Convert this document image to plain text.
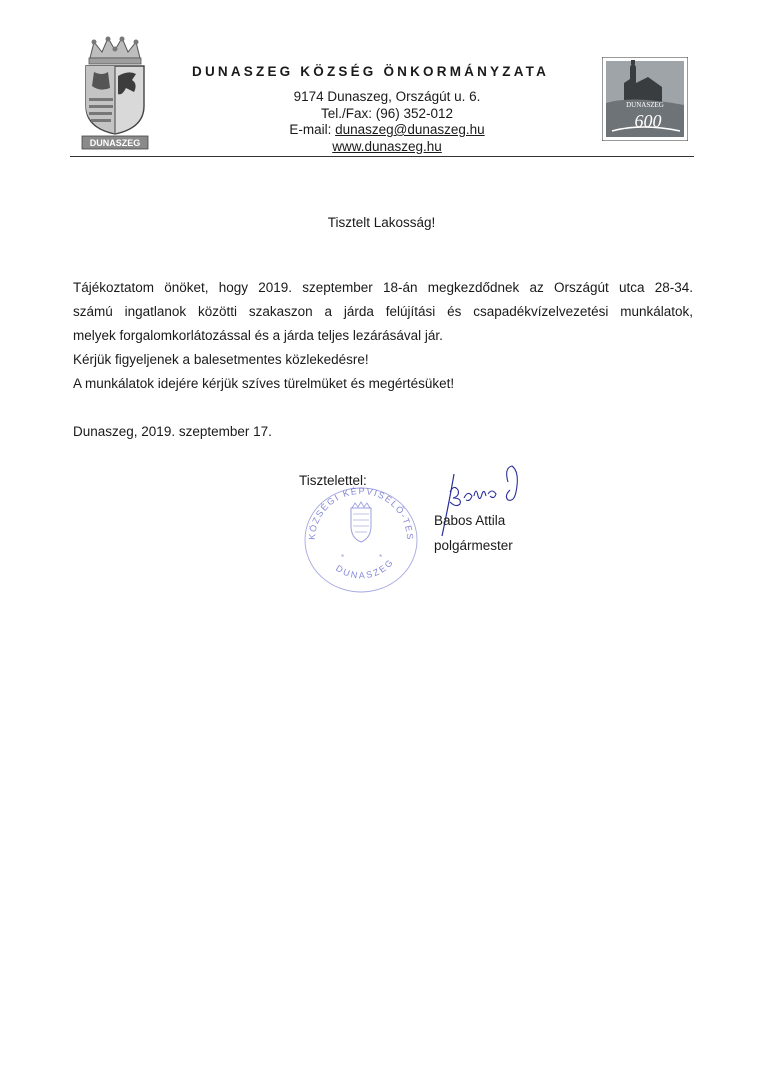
DUNASZEG
DUNASZEG
600
DUNASZEG KÖZSÉG ÖNKORMÁNYZATA
9174 Dunaszeg, Országút u. 6.
Tel./Fax: (96) 352-012
E-mail: dunaszeg@dunaszeg.hu
www.dunaszeg.hu
Tisztelt Lakosság!
Tájékoztatom önöket, hogy 2019. szeptember 18-án megkezdődnek az Országút utca 28-34.
számú ingatlanok közötti szakaszon a járda felújítási és csapadékvízelvezetési munkálatok,
melyek forgalomkorlátozással és a járda teljes lezárásával jár.
Kérjük figyeljenek a balesetmentes közlekedésre!
A munkálatok idejére kérjük szíves türelmüket és megértésüket!
Dunaszeg, 2019. szeptember 17.
KÖZSÉGI KÉPVISELŐ-TES
DUNASZEG
*	*
Tisztelettel:
Babos Attila
polgármester
